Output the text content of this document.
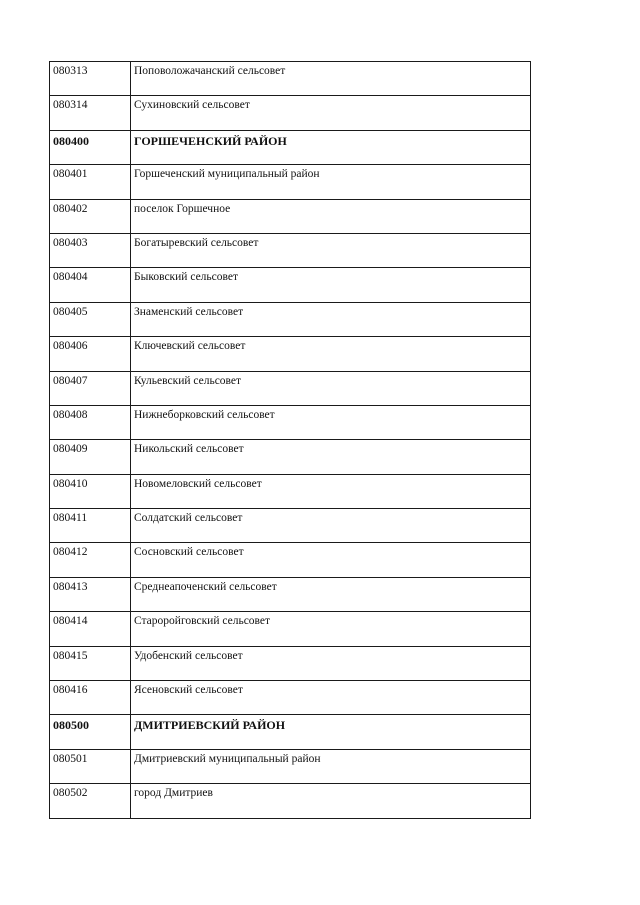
080313	Поповоложачанский сельсовет

080314	Сухиновский сельсовет

080400	ГОРШЕЧЕНСКИЙ РАЙОН

080401	Горшеченский муниципальный район

080402	поселок Горшечное

080403	Богатыревский сельсовет

080404	Быковский сельсовет

080405	Знаменский сельсовет

080406	Ключевский сельсовет

080407	Кульевский сельсовет

080408	Нижнеборковский сельсовет

080409	Никольский сельсовет

080410	Новомеловский сельсовет

080411	Солдатский сельсовет

080412	Сосновский сельсовет

080413	Среднеапоченский сельсовет

080414	Староройговский сельсовет

080415	Удобенский сельсовет

080416	Ясеновский сельсовет

080500	ДМИТРИЕВСКИЙ РАЙОН

080501	Дмитриевский муниципальный район

080502	город Дмитриев
